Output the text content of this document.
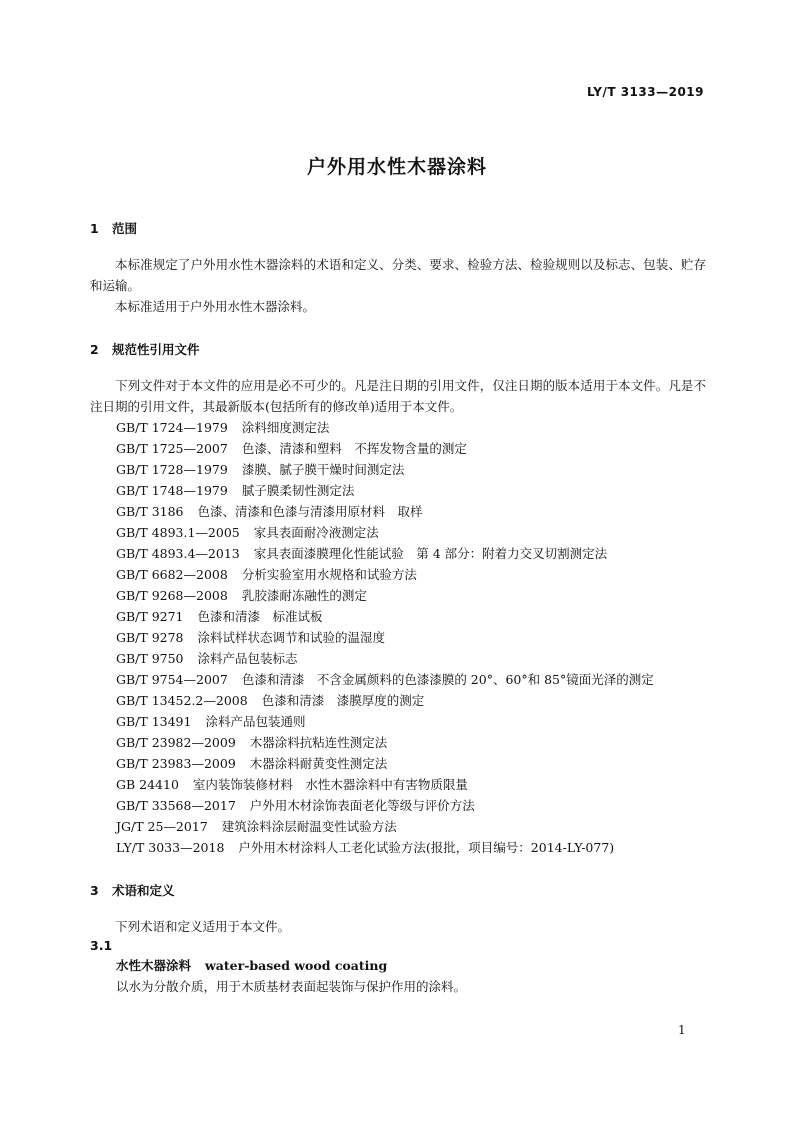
LY/T 3133—2019
户外用水性木器涂料
1 范围

本标准规定了户外用水性木器涂料的术语和定义、分类、要求、检验方法、检验规则以及标志、包装、贮存和运输。

本标准适用于户外用水性木器涂料。

2 规范性引用文件

下列文件对于本文件的应用是必不可少的。凡是注日期的引用文件，仅注日期的版本适用于本文件。凡是不注日期的引用文件，其最新版本(包括所有的修改单)适用于本文件。

GB/T 1724—1979 涂料细度测定法
GB/T 1725—2007 色漆、清漆和塑料　不挥发物含量的测定
GB/T 1728—1979 漆膜、腻子膜干燥时间测定法
GB/T 1748—1979 腻子膜柔韧性测定法
GB/T 3186 色漆、清漆和色漆与清漆用原材料　取样
GB/T 4893.1—2005 家具表面耐冷液测定法
GB/T 4893.4—2013 家具表面漆膜理化性能试验　第 4 部分：附着力交叉切割测定法
GB/T 6682—2008 分析实验室用水规格和试验方法
GB/T 9268—2008 乳胶漆耐冻融性的测定
GB/T 9271 色漆和清漆　标准试板
GB/T 9278 涂料试样状态调节和试验的温湿度
GB/T 9750 涂料产品包装标志
GB/T 9754—2007 色漆和清漆　不含金属颜料的色漆漆膜的 20°、60°和 85°镜面光泽的测定
GB/T 13452.2—2008 色漆和清漆　漆膜厚度的测定
GB/T 13491 涂料产品包装通则
GB/T 23982—2009 木器涂料抗粘连性测定法
GB/T 23983—2009 木器涂料耐黄变性测定法
GB 24410 室内装饰装修材料　水性木器涂料中有害物质限量
GB/T 33568—2017 户外用木材涂饰表面老化等级与评价方法
JG/T 25—2017 建筑涂料涂层耐温变性试验方法
LY/T 3033—2018 户外用木材涂料人工老化试验方法(报批，项目编号：2014-LY-077)
3 术语和定义

下列术语和定义适用于本文件。

3.1
水性木器涂料 water-based wood coating
以水为分散介质，用于木质基材表面起装饰与保护作用的涂料。
1
